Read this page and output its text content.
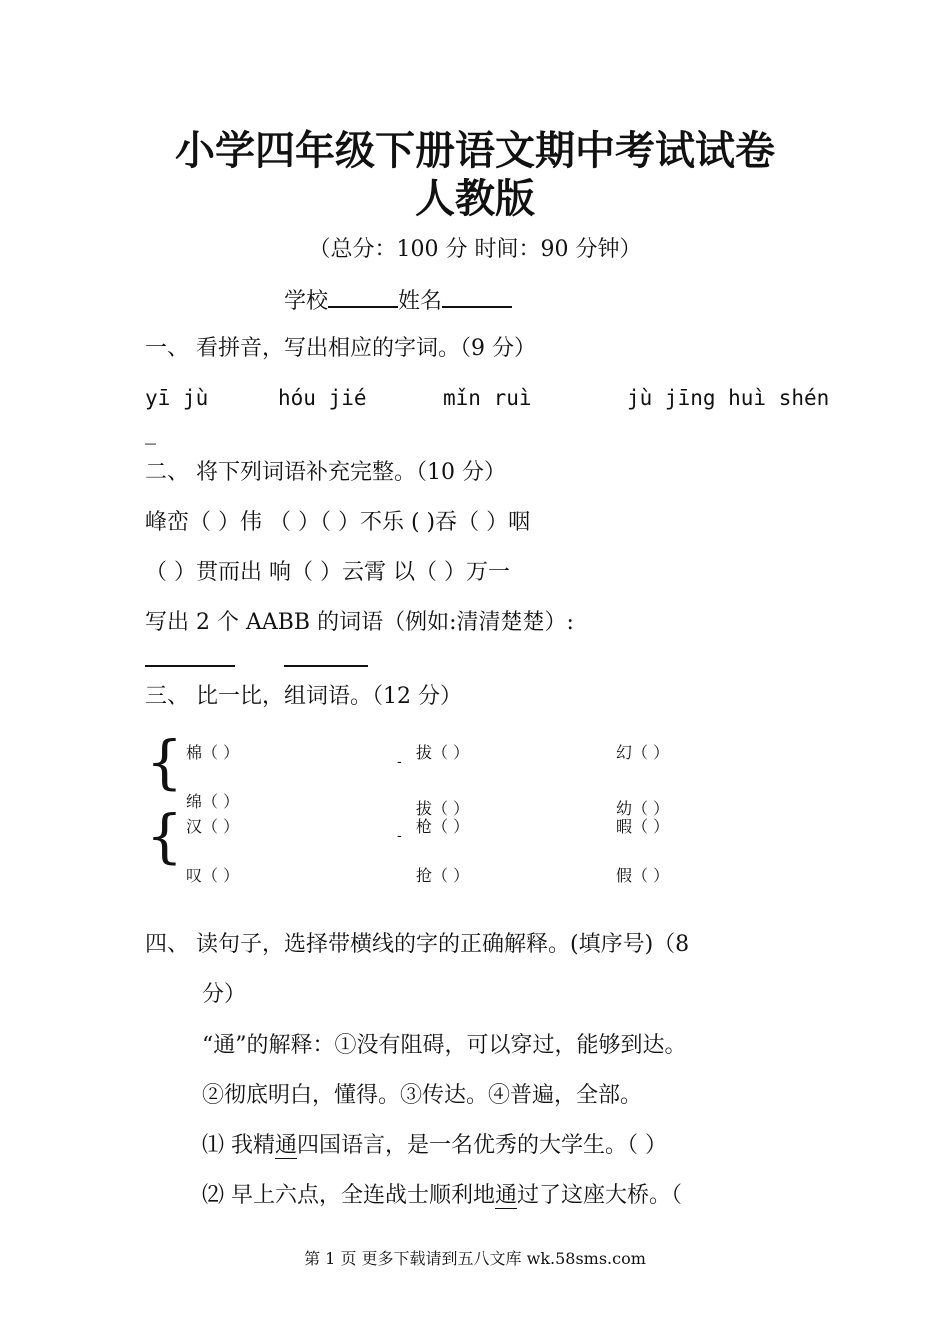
小学四年级下册语文期中考试试卷
人教版
（总分：100 分 时间：90 分钟）
学校	姓名
一、 看拼音，写出相应的字词。（9 分）
yī jù	hóu jié	mǐn ruì	jù jīng huì shén
_
二、 将下列词语补充完整。（10 分）
峰峦（ ）伟 （ ）（ ）不乐 ( )吞（ ）咽
（ ）贯而出 响（ ）云霄 以（ ）万一
写出 2 个 AABB 的词语（例如:清清楚楚）:
三、 比一比，组词语。（12 分）
{ 棉（ ）	拔（ ）	幻（ ）
-
绵（ ）	拔（ ）	幼（ ）
{ 汉（ ）	枪（ ）	暇（ ）
-
叹（ ）	抢（ ）	假（ ）
四、 读句子，选择带横线的字的正确解释。(填序号)（8
分）
“通”的解释：①没有阻碍，可以穿过，能够到达。
②彻底明白，懂得。③传达。④普遍，全部。
⑴ 我精通四国语言，是一名优秀的大学生。（ ）
⑵ 早上六点，全连战士顺利地通过了这座大桥。（
第 1 页 更多下载请到五八文库 wk.58sms.com
